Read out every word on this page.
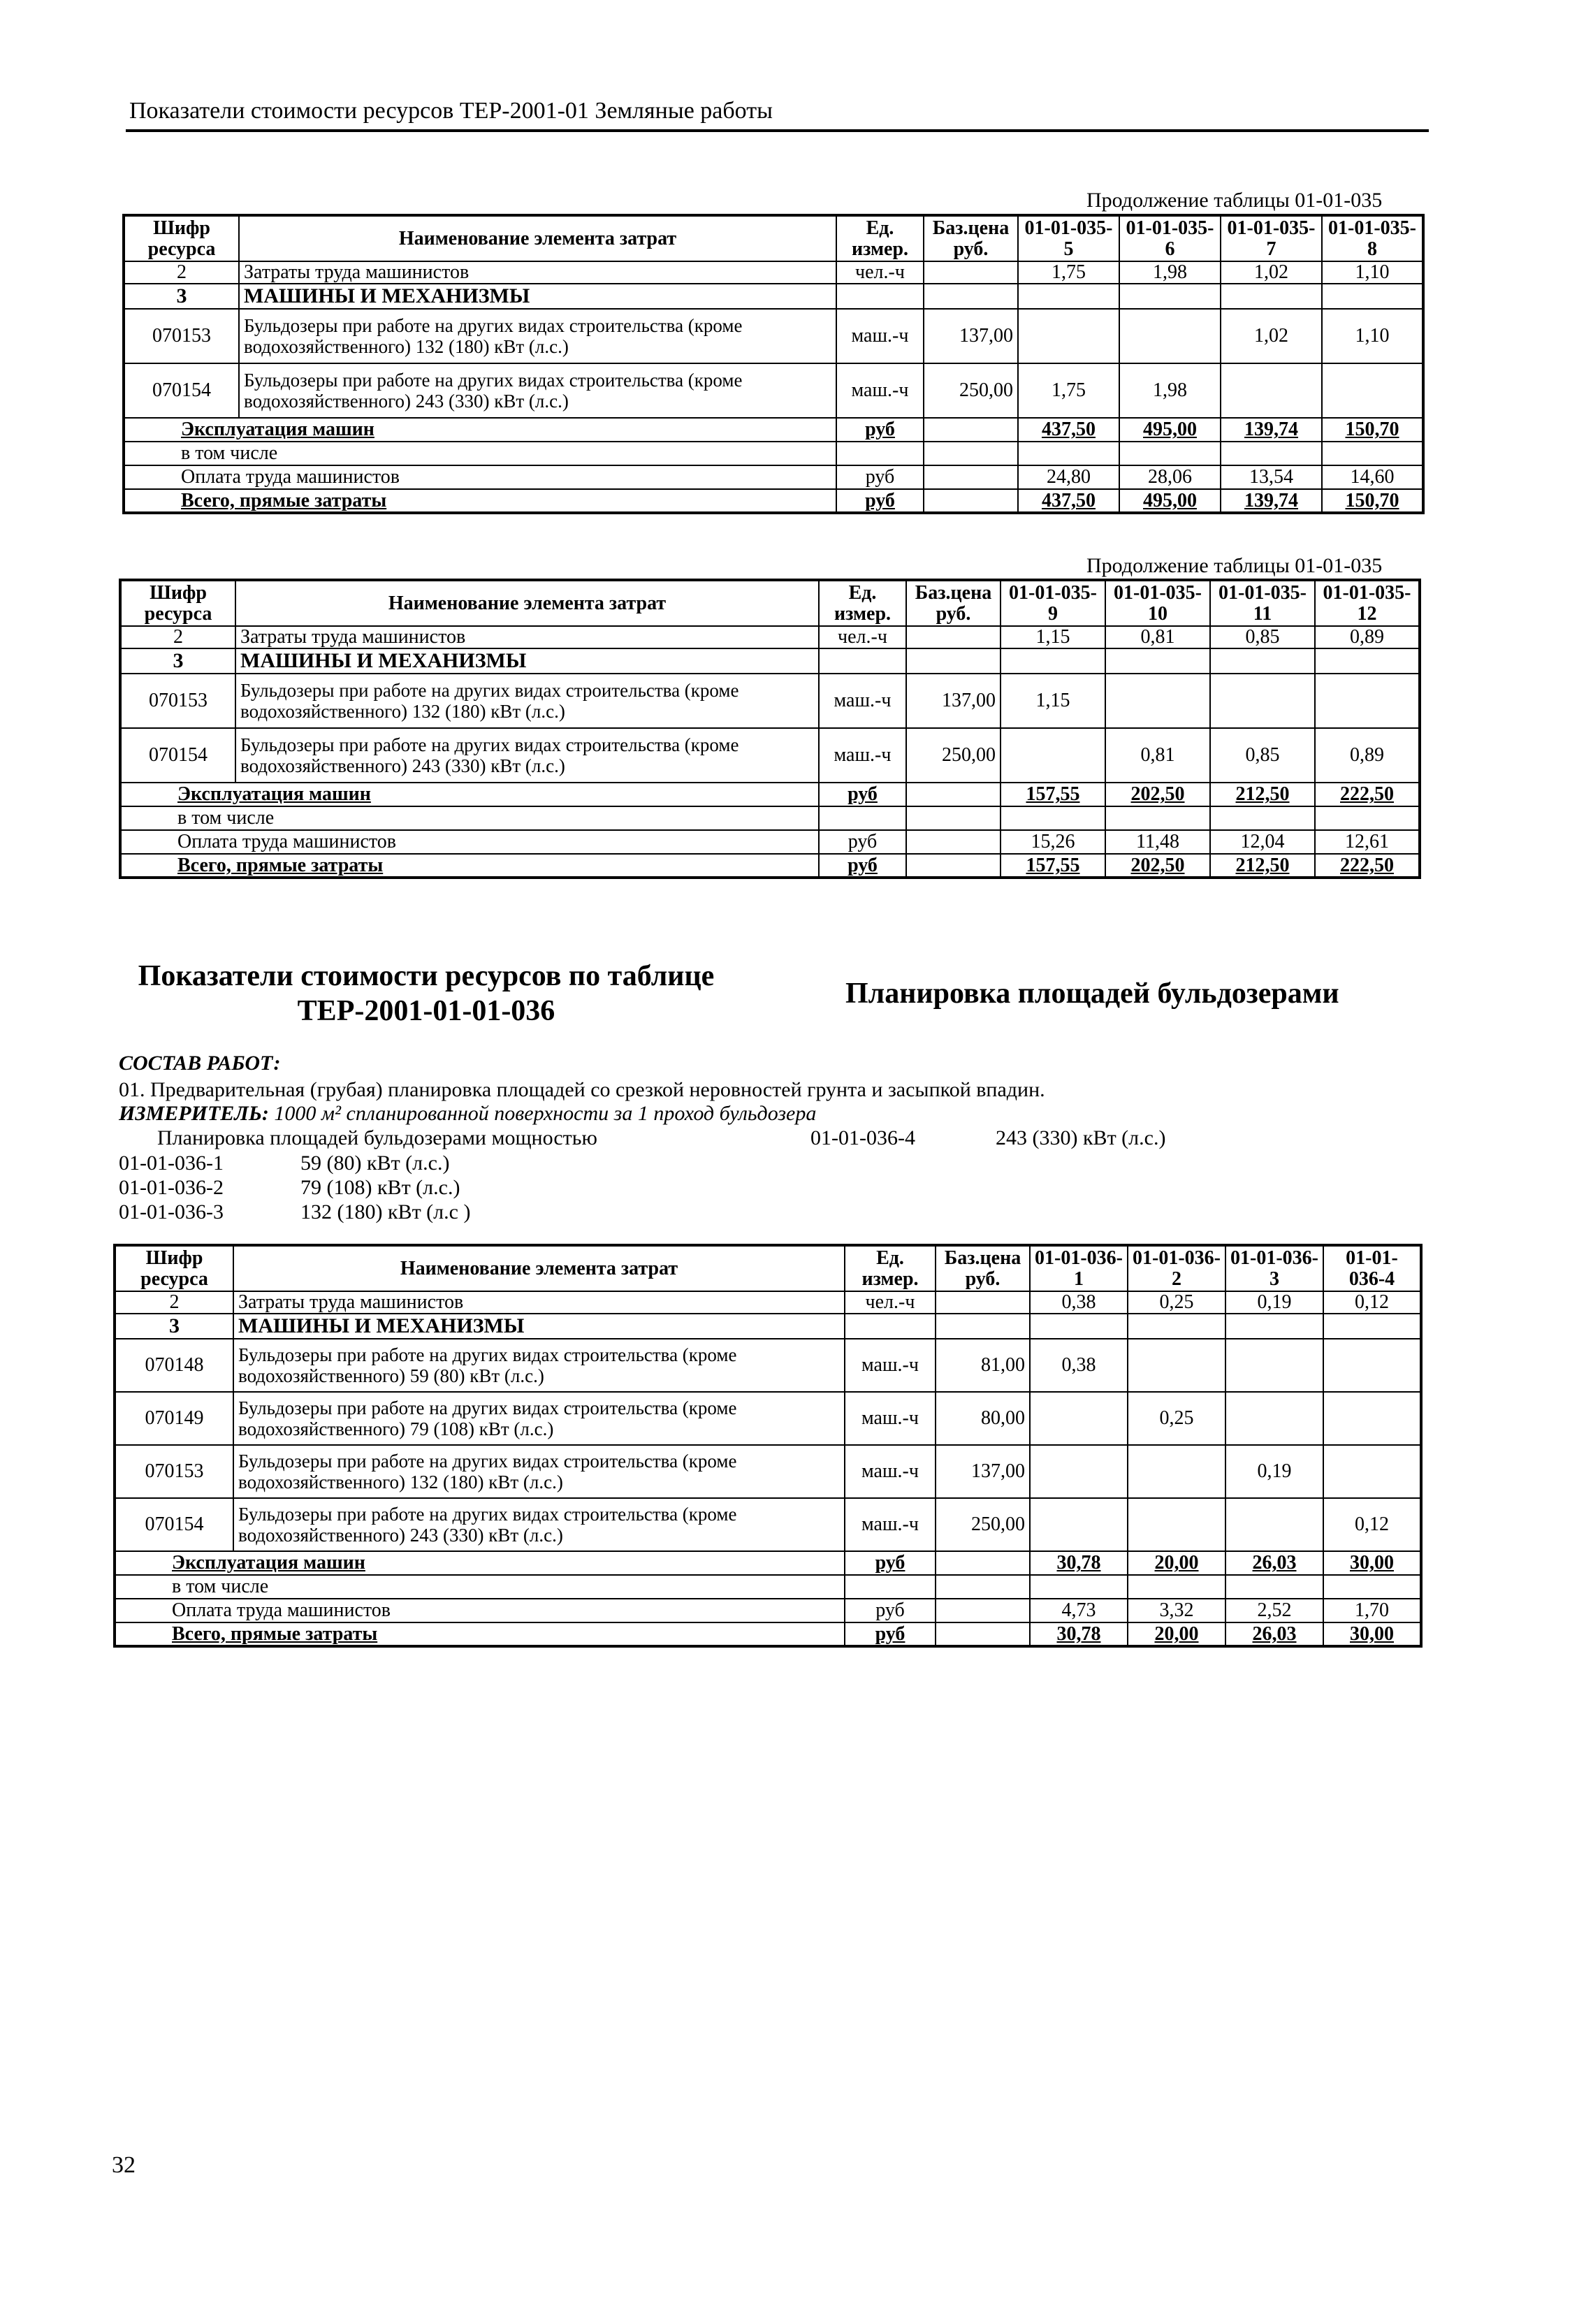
Показатели стоимости ресурсов ТЕР-2001-01 Земляные работы
Продолжение таблицы 01-01-035
Шифр ресурса	Наименование элемента затрат	Ед. измер.	Баз.цена руб.	01-01-035-5	01-01-035-6	01-01-035-7	01-01-035-8
2	Затраты труда машинистов	чел.-ч		1,75	1,98	1,02	1,10
3	МАШИНЫ И МЕХАНИЗМЫ						
070153	Бульдозеры при работе на других видах строительства (кроме водохозяйственного) 132 (180) кВт (л.с.)	маш.-ч	137,00			1,02	1,10
070154	Бульдозеры при работе на других видах строительства (кроме водохозяйственного) 243 (330) кВт (л.с.)	маш.-ч	250,00	1,75	1,98		
Эксплуатация машин		руб		437,50	495,00	139,74	150,70
в том числе							
Оплата труда машинистов		руб		24,80	28,06	13,54	14,60
Всего, прямые затраты		руб		437,50	495,00	139,74	150,70
Продолжение таблицы 01-01-035
Шифр ресурса	Наименование элемента затрат	Ед. измер.	Баз.цена руб.	01-01-035-9	01-01-035-10	01-01-035-11	01-01-035-12
2	Затраты труда машинистов	чел.-ч		1,15	0,81	0,85	0,89
3	МАШИНЫ И МЕХАНИЗМЫ						
070153	Бульдозеры при работе на других видах строительства (кроме водохозяйственного) 132 (180) кВт (л.с.)	маш.-ч	137,00	1,15			
070154	Бульдозеры при работе на других видах строительства (кроме водохозяйственного) 243 (330) кВт (л.с.)	маш.-ч	250,00		0,81	0,85	0,89
Эксплуатация машин		руб		157,55	202,50	212,50	222,50
в том числе							
Оплата труда машинистов		руб		15,26	11,48	12,04	12,61
Всего, прямые затраты		руб		157,55	202,50	212,50	222,50
Показатели стоимости ресурсов по таблице
ТЕР-2001-01-01-036
Планировка площадей бульдозерами
СОСТАВ РАБОТ:
01. Предварительная (грубая) планировка площадей со срезкой неровностей грунта и засыпкой впадин.
ИЗМЕРИТЕЛЬ: 1000 м² спланированной поверхности за 1 проход бульдозера
Планировка площадей бульдозерами мощностью	01-01-036-4	243 (330) кВт (л.с.)
01-01-036-1	59 (80) кВт (л.с.)
01-01-036-2	79 (108) кВт (л.с.)
01-01-036-3	132 (180) кВт (л.с )
Шифр ресурса	Наименование элемента затрат	Ед. измер.	Баз.цена руб.	01-01-036-1	01-01-036-2	01-01-036-3	01-01-036-4
2	Затраты труда машинистов	чел.-ч		0,38	0,25	0,19	0,12
3	МАШИНЫ И МЕХАНИЗМЫ						
070148	Бульдозеры при работе на других видах строительства (кроме водохозяйственного) 59 (80) кВт (л.с.)	маш.-ч	81,00	0,38			
070149	Бульдозеры при работе на других видах строительства (кроме водохозяйственного) 79 (108) кВт (л.с.)	маш.-ч	80,00		0,25		
070153	Бульдозеры при работе на других видах строительства (кроме водохозяйственного) 132 (180) кВт (л.с.)	маш.-ч	137,00			0,19	
070154	Бульдозеры при работе на других видах строительства (кроме водохозяйственного) 243 (330) кВт (л.с.)	маш.-ч	250,00				0,12
Эксплуатация машин		руб		30,78	20,00	26,03	30,00
в том числе							
Оплата труда машинистов		руб		4,73	3,32	2,52	1,70
Всего, прямые затраты		руб		30,78	20,00	26,03	30,00
32
